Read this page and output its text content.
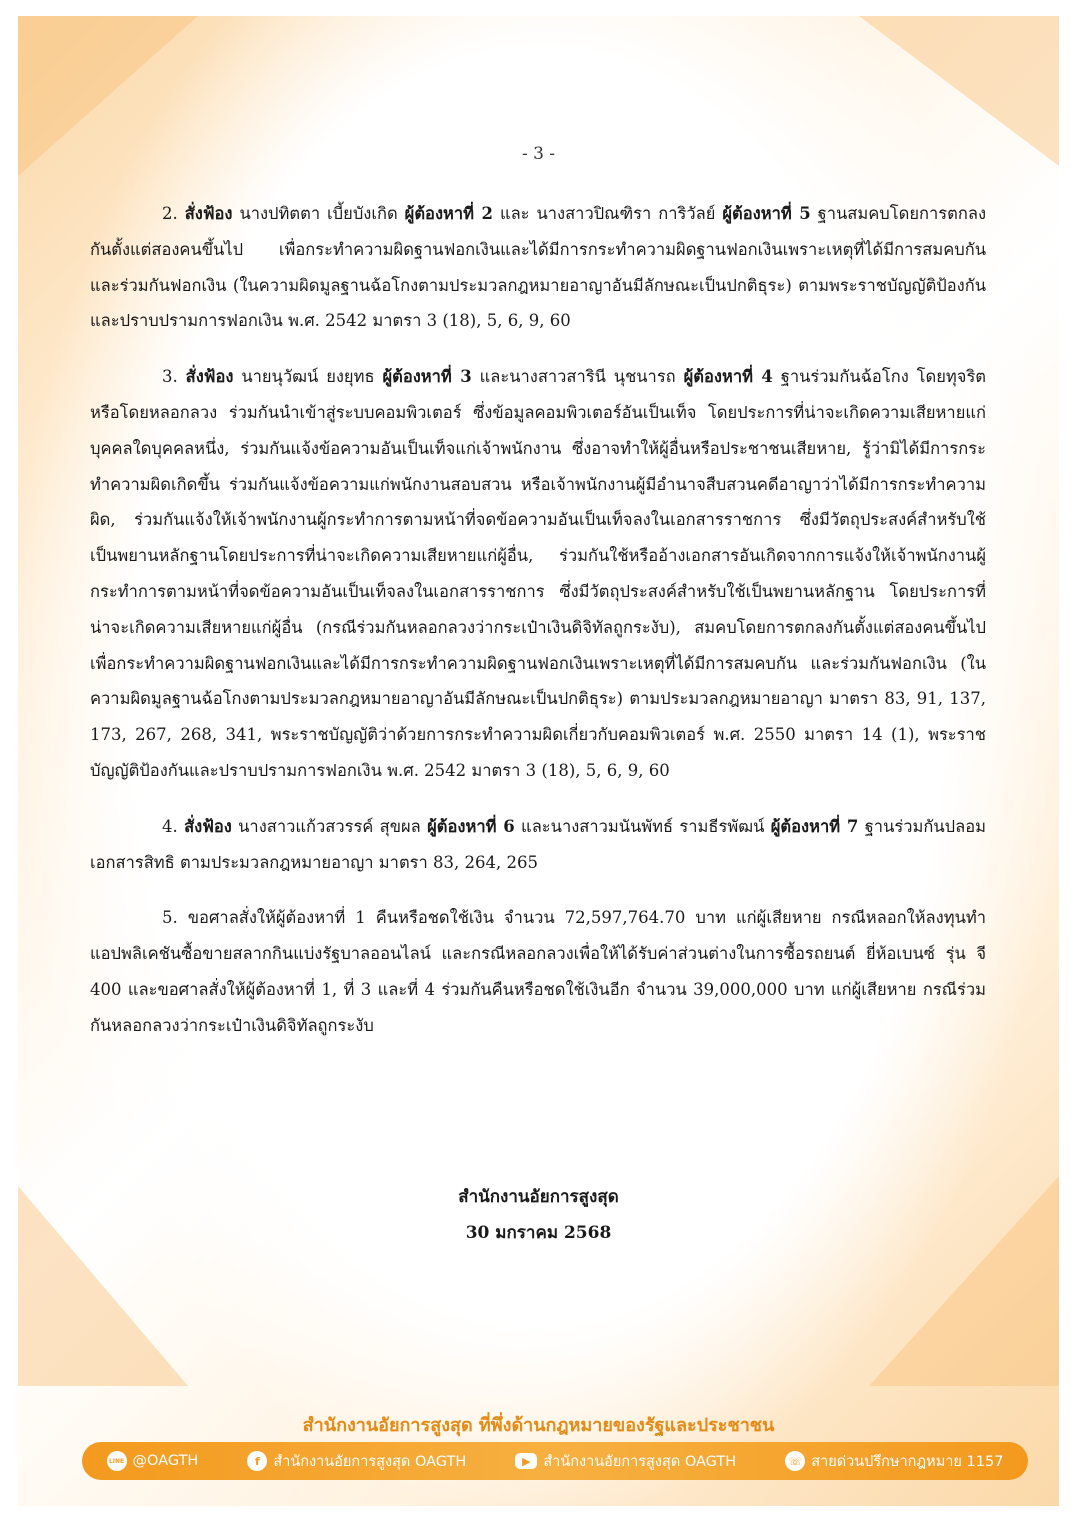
- 3 -

2. สั่งฟ้อง นางปทิตตา เบี้ยบังเกิด ผู้ต้องหาที่ 2 และ นางสาวปิณฑิรา การิวัลย์ ผู้ต้องหาที่ 5 ฐานสมคบโดยการตกลงกันตั้งแต่สองคนขึ้นไป เพื่อกระทำความผิดฐานฟอกเงินและได้มีการกระทำความผิดฐานฟอกเงินเพราะเหตุที่ได้มีการสมคบกัน และร่วมกันฟอกเงิน (ในความผิดมูลฐานฉ้อโกงตามประมวลกฎหมายอาญาอันมีลักษณะเป็นปกติธุระ) ตามพระราชบัญญัติป้องกันและปราบปรามการฟอกเงิน พ.ศ. 2542 มาตรา 3 (18), 5, 6, 9, 60

3. สั่งฟ้อง นายนุวัฒน์ ยงยุทธ ผู้ต้องหาที่ 3 และนางสาวสารินี นุชนารถ ผู้ต้องหาที่ 4 ฐานร่วมกันฉ้อโกง โดยทุจริตหรือโดยหลอกลวง ร่วมกันนำเข้าสู่ระบบคอมพิวเตอร์ ซึ่งข้อมูลคอมพิวเตอร์อันเป็นเท็จ โดยประการที่น่าจะเกิดความเสียหายแก่บุคคลใดบุคคลหนึ่ง, ร่วมกันแจ้งข้อความอันเป็นเท็จแก่เจ้าพนักงาน ซึ่งอาจทำให้ผู้อื่นหรือประชาชนเสียหาย, รู้ว่ามิได้มีการกระทำความผิดเกิดขึ้น ร่วมกันแจ้งข้อความแก่พนักงานสอบสวน หรือเจ้าพนักงานผู้มีอำนาจสืบสวนคดีอาญาว่าได้มีการกระทำความผิด, ร่วมกันแจ้งให้เจ้าพนักงานผู้กระทำการตามหน้าที่จดข้อความอันเป็นเท็จลงในเอกสารราชการ ซึ่งมีวัตถุประสงค์สำหรับใช้เป็นพยานหลักฐานโดยประการที่น่าจะเกิดความเสียหายแก่ผู้อื่น, ร่วมกันใช้หรืออ้างเอกสารอันเกิดจากการแจ้งให้เจ้าพนักงานผู้กระทำการตามหน้าที่จดข้อความอันเป็นเท็จลงในเอกสารราชการ ซึ่งมีวัตถุประสงค์สำหรับใช้เป็นพยานหลักฐาน โดยประการที่น่าจะเกิดความเสียหายแก่ผู้อื่น (กรณีร่วมกันหลอกลวงว่ากระเป๋าเงินดิจิทัลถูกระงับ), สมคบโดยการตกลงกันตั้งแต่สองคนขึ้นไป เพื่อกระทำความผิดฐานฟอกเงินและได้มีการกระทำความผิดฐานฟอกเงินเพราะเหตุที่ได้มีการสมคบกัน และร่วมกันฟอกเงิน (ในความผิดมูลฐานฉ้อโกงตามประมวลกฎหมายอาญาอันมีลักษณะเป็นปกติธุระ) ตามประมวลกฎหมายอาญา มาตรา 83, 91, 137, 173, 267, 268, 341, พระราชบัญญัติว่าด้วยการกระทำความผิดเกี่ยวกับคอมพิวเตอร์ พ.ศ. 2550 มาตรา 14 (1), พระราชบัญญัติป้องกันและปราบปรามการฟอกเงิน พ.ศ. 2542 มาตรา 3 (18), 5, 6, 9, 60

4. สั่งฟ้อง นางสาวแก้วสวรรค์ สุขผล ผู้ต้องหาที่ 6 และนางสาวมนันพัทธ์ รามธีรพัฒน์ ผู้ต้องหาที่ 7 ฐานร่วมกันปลอมเอกสารสิทธิ ตามประมวลกฎหมายอาญา มาตรา 83, 264, 265

5. ขอศาลสั่งให้ผู้ต้องหาที่ 1 คืนหรือชดใช้เงิน จำนวน 72,597,764.70 บาท แก่ผู้เสียหาย กรณีหลอกให้ลงทุนทำแอปพลิเคชันซื้อขายสลากกินแบ่งรัฐบาลออนไลน์ และกรณีหลอกลวงเพื่อให้ได้รับค่าส่วนต่างในการซื้อรถยนต์ ยี่ห้อเบนซ์ รุ่น จี 400 และขอศาลสั่งให้ผู้ต้องหาที่ 1, ที่ 3 และที่ 4 ร่วมกันคืนหรือชดใช้เงินอีก จำนวน 39,000,000 บาท แก่ผู้เสียหาย กรณีร่วมกันหลอกลวงว่ากระเป๋าเงินดิจิทัลถูกระงับ

สำนักงานอัยการสูงสุด
30 มกราคม 2568
สำนักงานอัยการสูงสุด ที่พึ่งด้านกฎหมายของรัฐและประชาชน
LINE @OAGTH	f สำนักงานอัยการสูงสุด OAGTH	▶ สำนักงานอัยการสูงสุด OAGTH	☏ สายด่วนปรึกษากฎหมาย 1157
